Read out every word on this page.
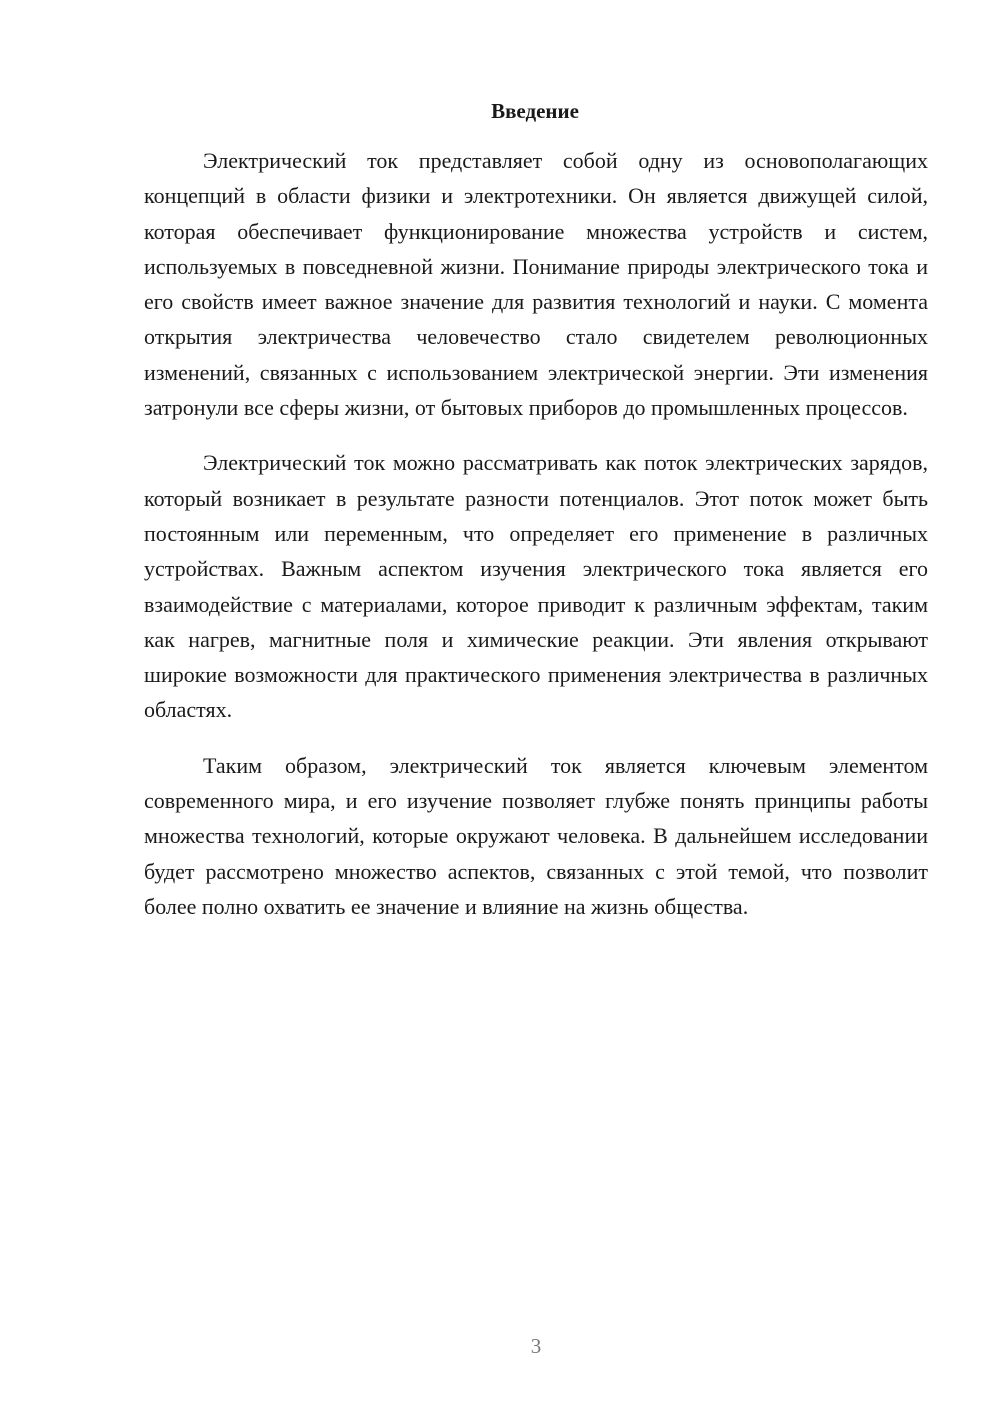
Введение

Электрический ток представляет собой одну из основополагающих концепций в области физики и электротехники. Он является движущей силой, которая обеспечивает функционирование множества устройств и систем, используемых в повседневной жизни. Понимание природы электрического тока и его свойств имеет важное значение для развития технологий и науки. С момента открытия электричества человечество стало свидетелем революционных изменений, связанных с использованием электрической энергии. Эти изменения затронули все сферы жизни, от бытовых приборов до промышленных процессов.

Электрический ток можно рассматривать как поток электрических зарядов, который возникает в результате разности потенциалов. Этот поток может быть постоянным или переменным, что определяет его применение в различных устройствах. Важным аспектом изучения электрического тока является его взаимодействие с материалами, которое приводит к различным эффектам, таким как нагрев, магнитные поля и химические реакции. Эти явления открывают широкие возможности для практического применения электричества в различных областях.

Таким образом, электрический ток является ключевым элементом современного мира, и его изучение позволяет глубже понять принципы работы множества технологий, которые окружают человека. В дальнейшем исследовании будет рассмотрено множество аспектов, связанных с этой темой, что позволит более полно охватить ее значение и влияние на жизнь общества.

3
